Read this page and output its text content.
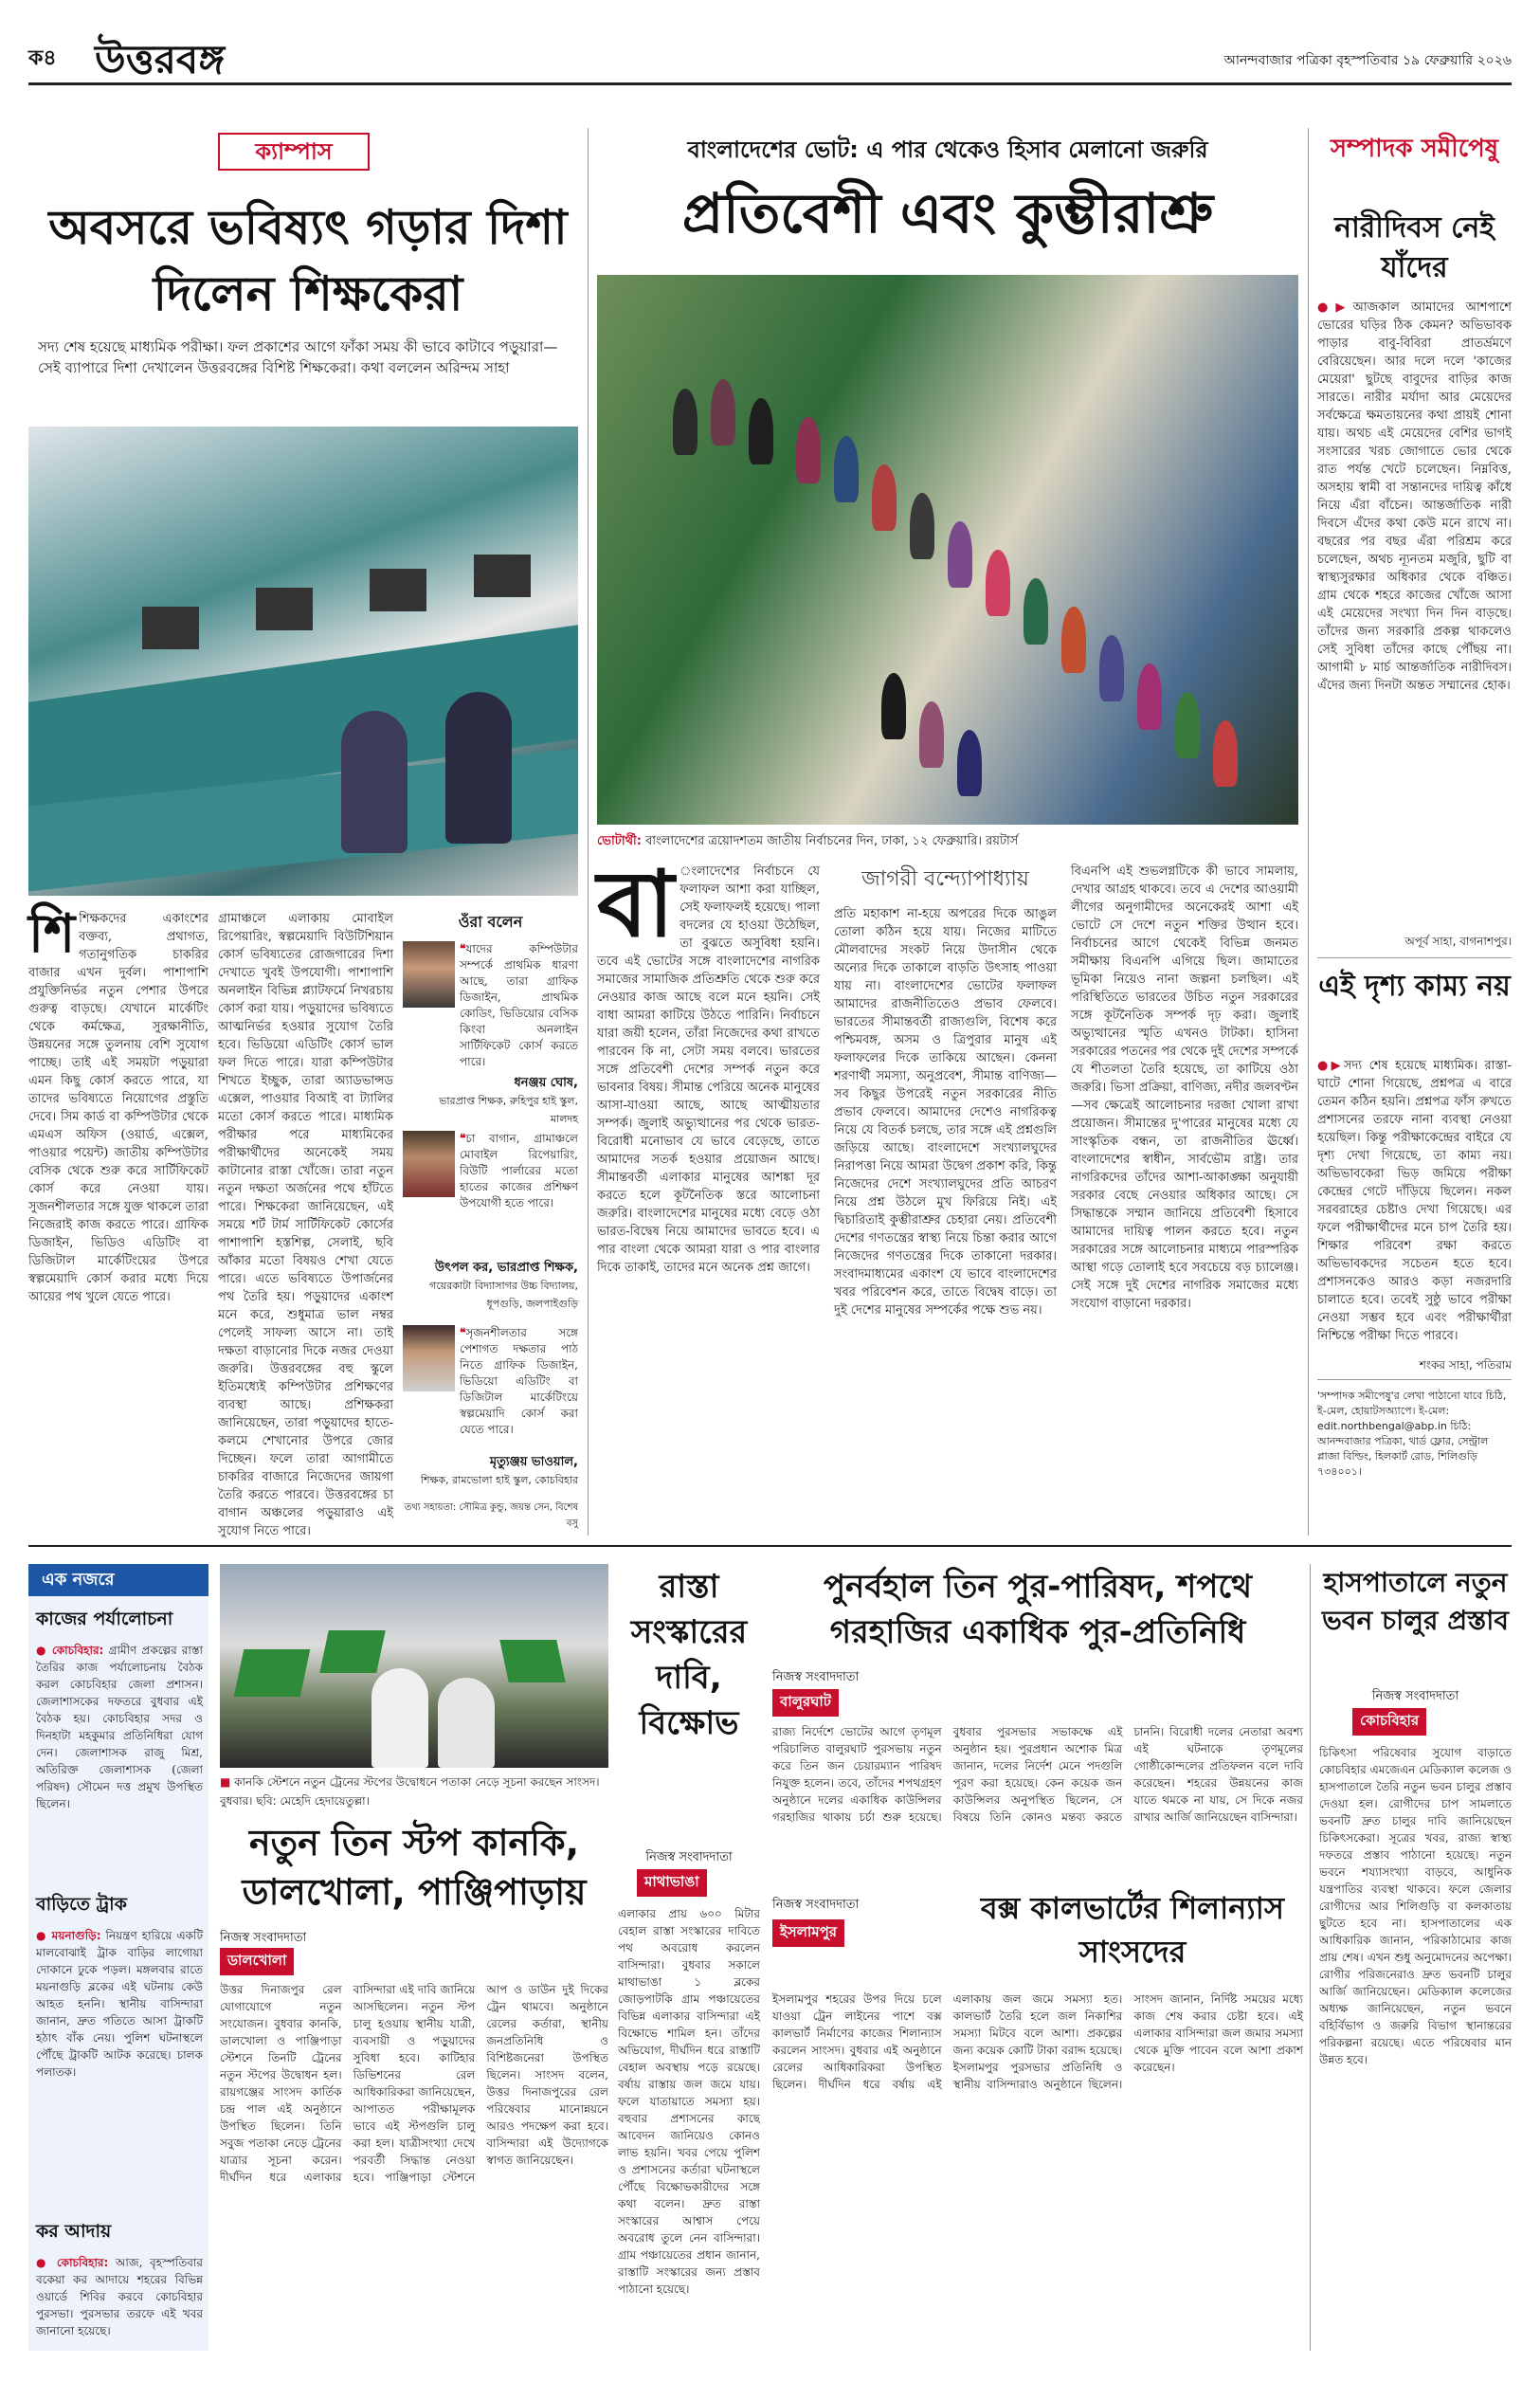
ক৪ উত্তরবঙ্গ	আনন্দবাজার পত্রিকা বৃহস্পতিবার ১৯ ফেব্রুয়ারি ২০২৬
ক্যাম্পাস
অবসরে ভবিষ্যৎ গড়ার দিশা দিলেন শিক্ষকেরা
সদ্য শেষ হয়েছে মাধ্যমিক পরীক্ষা। ফল প্রকাশের আগে ফাঁকা সময় কী ভাবে কাটাবে পড়ুয়ারা— সেই ব্যাপারে দিশা দেখালেন উত্তরবঙ্গের বিশিষ্ট শিক্ষকেরা। কথা বললেন অরিন্দম সাহা
শিশিক্ষকদের একাংশের বক্তব্য, প্রথাগত, গতানুগতিক চাকরির বাজার এখন দুর্বল। পাশাপাশি প্রযুক্তিনির্ভর নতুন পেশার উপরে গুরুত্ব বাড়ছে। যেখানে মার্কেটিং থেকে কর্মক্ষেত্র, সুরক্ষানীতি, উন্নয়নের সঙ্গে তুলনায় বেশি সুযোগ পাচ্ছে। তাই এই সময়টা পড়ুয়ারা এমন কিছু কোর্স করতে পারে, যা তাদের ভবিষ্যতে নিয়োগের প্রস্তুতি দেবে। সিম কার্ড বা কম্পিউটার থেকে এমএস অফিস (ওয়ার্ড, এক্সেল, পাওয়ার পয়েন্ট) জাতীয় কম্পিউটার বেসিক থেকে শুরু করে সার্টিফিকেট কোর্স করে নেওয়া যায়। সুজনশীলতার সঙ্গে যুক্ত থাকলে তারা নিজেরাই কাজ করতে পারে। গ্রাফিক ডিজাইন, ভিডিও এডিটিং বা ডিজিটাল মার্কেটিংয়ের উপরে স্বল্পমেয়াদি কোর্স করার মধ্যে দিয়ে আয়ের পথ খুলে যেতে পারে।
গ্রামাঞ্চলে এলাকায় মোবাইল রিপেয়ারিং, স্বল্পমেয়াদি বিউটিশিয়ান কোর্স ভবিষ্যতের রোজগারের দিশা দেখাতে খুবই উপযোগী। পাশাপাশি অনলাইন বিভিন্ন প্ল্যাটফর্মে নিখরচায় কোর্স করা যায়। পড়ুয়াদের ভবিষ্যতে আত্মনির্ভর হওয়ার সুযোগ তৈরি হবে। ভিডিয়ো এডিটিং কোর্স ভাল ফল দিতে পারে। যারা কম্পিউটার শিখতে ইচ্ছুক, তারা অ্যাডভান্সড এক্সেল, পাওয়ার বিআই বা ট্যালির মতো কোর্স করতে পারে। মাধ্যমিক পরীক্ষার পরে মাধ্যমিকের পরীক্ষার্থীদের অনেকেই সময় কাটানোর রাস্তা খোঁজে। তারা নতুন নতুন দক্ষতা অর্জনের পথে হাঁটতে পারে। শিক্ষকেরা জানিয়েছেন, এই সময়ে শর্ট টার্ম সার্টিফিকেট কোর্সের পাশাপাশি হস্তশিল্প, সেলাই, ছবি আঁকার মতো বিষয়ও শেখা যেতে পারে। এতে ভবিষ্যতে উপার্জনের পথ তৈরি হয়। পড়ুয়াদের একাংশ মনে করে, শুধুমাত্র ভাল নম্বর পেলেই সাফল্য আসে না। তাই দক্ষতা বাড়ানোর দিকে নজর দেওয়া জরুরি। উত্তরবঙ্গের বহু স্কুলে ইতিমধ্যেই কম্পিউটার প্রশিক্ষণের ব্যবস্থা আছে। প্রশিক্ষকরা জানিয়েছেন, তারা পড়ুয়াদের হাতে-কলমে শেখানোর উপরে জোর দিচ্ছেন। ফলে তারা আগামীতে চাকরির বাজারে নিজেদের জায়গা তৈরি করতে পারবে। উত্তরবঙ্গের চা বাগান অঞ্চলের পড়ুয়ারাও এই সুযোগ নিতে পারে।
ওঁরা বলেন
❝যাদের কম্পিউটার সম্পর্কে প্রাথমিক ধারণা আছে, তারা গ্রাফিক ডিজাইন, প্রাথমিক কোডিং, ভিডিয়োর বেসিক কিংবা অনলাইন সার্টিফিকেট কোর্স করতে পারে।
ধনঞ্জয় ঘোষ,
ভারপ্রাপ্ত শিক্ষক, রুহিপুর হাই স্কুল, মালদহ
❝চা বাগান, গ্রামাঞ্চলে মোবাইল রিপেয়ারিং, বিউটি পার্লারের মতো হাতের কাজের প্রশিক্ষণ উপযোগী হতে পারে।
উৎপল কর, ভারপ্রাপ্ত শিক্ষক,
গয়েরকাটা বিদ্যাসাগর উচ্চ বিদ্যালয়, ধূপগুড়ি, জলপাইগুড়ি
❝সৃজনশীলতার সঙ্গে পেশাগত দক্ষতার পাঠ নিতে গ্রাফিক ডিজাইন, ভিডিয়ো এডিটিং বা ডিজিটাল মার্কেটিংয়ে স্বল্পমেয়াদি কোর্স করা যেতে পারে।
মৃত্যুঞ্জয় ভাওয়াল,
শিক্ষক, রামভোলা হাই স্কুল, কোচবিহার
তথ্য সহায়তা: সৌমিত্র কুন্ডু, জয়ন্ত সেন, বিশেষ বসু
বাংলাদেশের ভোট: এ পার থেকেও হিসাব মেলানো জরুরি
প্রতিবেশী এবং কুম্ভীরাশ্রু
ভোটার্থী: বাংলাদেশের ত্রয়োদশতম জাতীয় নির্বাচনের দিন, ঢাকা, ১২ ফেব্রুয়ারি। রয়টার্স
বা ংলাদেশের নির্বাচনে যে ফলাফল আশা করা যাচ্ছিল, সেই ফলাফলই হয়েছে। পালা বদলের যে হাওয়া উঠেছিল, তা বুঝতে অসুবিধা হয়নি। তবে এই ভোটের সঙ্গে বাংলাদেশের নাগরিক সমাজের সামাজিক প্রতিশ্রুতি থেকে শুরু করে নেওয়ার কাজ আছে বলে মনে হয়নি। সেই বাধা আমরা কাটিয়ে উঠতে পারিনি। নির্বাচনে যারা জয়ী হলেন, তাঁরা নিজেদের কথা রাখতে পারবেন কি না, সেটা সময় বলবে। ভারতের সঙ্গে প্রতিবেশী দেশের সম্পর্ক নতুন করে ভাবনার বিষয়। সীমান্ত পেরিয়ে অনেক মানুষের আসা-যাওয়া আছে, আছে আত্মীয়তার সম্পর্ক। জুলাই অভ্যুত্থানের পর থেকে ভারত-বিরোধী মনোভাব যে ভাবে বেড়েছে, তাতে আমাদের সতর্ক হওয়ার প্রয়োজন আছে। সীমান্তবর্তী এলাকার মানুষের আশঙ্কা দূর করতে হলে কূটনৈতিক স্তরে আলোচনা জরুরি। বাংলাদেশের মানুষের মধ্যে বেড়ে ওঠা ভারত-বিদ্বেষ নিয়ে আমাদের ভাবতে হবে। এ পার বাংলা থেকে আমরা যারা ও পার বাংলার দিকে তাকাই, তাদের মনে অনেক প্রশ্ন জাগে।
জাগরী বন্দ্যোপাধ্যায়
প্রতি মহাকাশ না-হয়ে অপরের দিকে আঙুল তোলা কঠিন হয়ে যায়। নিজের মাটিতে মৌলবাদের সংকট নিয়ে উদাসীন থেকে অন্যের দিকে তাকালে বাড়তি উৎসাহ পাওয়া যায় না। বাংলাদেশের ভোটের ফলাফল আমাদের রাজনীতিতেও প্রভাব ফেলবে। ভারতের সীমান্তবর্তী রাজ্যগুলি, বিশেষ করে পশ্চিমবঙ্গ, অসম ও ত্রিপুরার মানুষ এই ফলাফলের দিকে তাকিয়ে আছেন। কেননা শরণার্থী সমস্যা, অনুপ্রবেশ, সীমান্ত বাণিজ্য—সব কিছুর উপরেই নতুন সরকারের নীতি প্রভাব ফেলবে। আমাদের দেশেও নাগরিকত্ব নিয়ে যে বিতর্ক চলছে, তার সঙ্গে এই প্রশ্নগুলি জড়িয়ে আছে। বাংলাদেশে সংখ্যালঘুদের নিরাপত্তা নিয়ে আমরা উদ্বেগ প্রকাশ করি, কিন্তু নিজেদের দেশে সংখ্যালঘুদের প্রতি আচরণ নিয়ে প্রশ্ন উঠলে মুখ ফিরিয়ে নিই। এই দ্বিচারিতাই কুম্ভীরাশ্রুর চেহারা নেয়। প্রতিবেশী দেশের গণতন্ত্রের স্বাস্থ্য নিয়ে চিন্তা করার আগে নিজেদের গণতন্ত্রের দিকে তাকানো দরকার। সংবাদমাধ্যমের একাংশ যে ভাবে বাংলাদেশের খবর পরিবেশন করে, তাতে বিদ্বেষ বাড়ে। তা দুই দেশের মানুষের সম্পর্কের পক্ষে শুভ নয়।
বিএনপি এই শুভলগ্নটিকে কী ভাবে সামলায়, দেখার আগ্রহ থাকবে। তবে এ দেশের আওয়ামী লীগের অনুগামীদের অনেকেরই আশা এই ভোটে সে দেশে নতুন শক্তির উত্থান হবে। নির্বাচনের আগে থেকেই বিভিন্ন জনমত সমীক্ষায় বিএনপি এগিয়ে ছিল। জামাতের ভূমিকা নিয়েও নানা জল্পনা চলছিল। এই পরিস্থিতিতে ভারতের উচিত নতুন সরকারের সঙ্গে কূটনৈতিক সম্পর্ক দৃঢ় করা। জুলাই অভ্যুত্থানের স্মৃতি এখনও টাটকা। হাসিনা সরকারের পতনের পর থেকে দুই দেশের সম্পর্কে যে শীতলতা তৈরি হয়েছে, তা কাটিয়ে ওঠা জরুরি। ভিসা প্রক্রিয়া, বাণিজ্য, নদীর জলবণ্টন—সব ক্ষেত্রেই আলোচনার দরজা খোলা রাখা প্রয়োজন। সীমান্তের দু'পারের মানুষের মধ্যে যে সাংস্কৃতিক বন্ধন, তা রাজনীতির ঊর্ধ্বে। বাংলাদেশের স্বাধীন, সার্বভৌম রাষ্ট্র। তার নাগরিকদের তাঁদের আশা-আকাঙ্ক্ষা অনুযায়ী সরকার বেছে নেওয়ার অধিকার আছে। সে সিদ্ধান্তকে সম্মান জানিয়ে প্রতিবেশী হিসাবে আমাদের দায়িত্ব পালন করতে হবে। নতুন সরকারের সঙ্গে আলোচনার মাধ্যমে পারস্পরিক আস্থা গড়ে তোলাই হবে সবচেয়ে বড় চ্যালেঞ্জ। সেই সঙ্গে দুই দেশের নাগরিক সমাজের মধ্যে সংযোগ বাড়ানো দরকার।
সম্পাদক সমীপেষু
নারীদিবস নেই যাঁদের
●▶আজকাল আমাদের আশপাশে ভোরের ঘড়ির ঠিক কেমন? অভিভাবক পাড়ার বাবু-বিবিরা প্রাতর্ভ্রমণে বেরিয়েছেন। আর দলে দলে 'কাজের মেয়েরা' ছুটছে বাবুদের বাড়ির কাজ সারতে। নারীর মর্যাদা আর মেয়েদের সর্বক্ষেত্রে ক্ষমতায়নের কথা প্রায়ই শোনা যায়। অথচ এই মেয়েদের বেশির ভাগই সংসারের খরচ জোগাতে ভোর থেকে রাত পর্যন্ত খেটে চলেছেন। নিম্নবিত্ত, অসহায় স্বামী বা সন্তানদের দায়িত্ব কাঁধে নিয়ে এঁরা বাঁচেন। আন্তর্জাতিক নারী দিবসে এঁদের কথা কেউ মনে রাখে না। বছরের পর বছর এঁরা পরিশ্রম করে চলেছেন, অথচ ন্যূনতম মজুরি, ছুটি বা স্বাস্থ্যসুরক্ষার অধিকার থেকে বঞ্চিত। গ্রাম থেকে শহরে কাজের খোঁজে আসা এই মেয়েদের সংখ্যা দিন দিন বাড়ছে। তাঁদের জন্য সরকারি প্রকল্প থাকলেও সেই সুবিধা তাঁদের কাছে পৌঁছয় না। আগামী ৮ মার্চ আন্তর্জাতিক নারীদিবস। এঁদের জন্য দিনটা অন্তত সম্মানের হোক।
অপূর্ব সাহা, বাগনাশপুর।
এই দৃশ্য কাম্য নয়
●▶সদ্য শেষ হয়েছে মাধ্যমিক। রাস্তা-ঘাটে শোনা গিয়েছে, প্রশ্নপত্র এ বারে তেমন কঠিন হয়নি। প্রশ্নপত্র ফাঁস রুখতে প্রশাসনের তরফে নানা ব্যবস্থা নেওয়া হয়েছিল। কিন্তু পরীক্ষাকেন্দ্রের বাইরে যে দৃশ্য দেখা গিয়েছে, তা কাম্য নয়। অভিভাবকেরা ভিড় জমিয়ে পরীক্ষা কেন্দ্রের গেটে দাঁড়িয়ে ছিলেন। নকল সরবরাহের চেষ্টাও দেখা গিয়েছে। এর ফলে পরীক্ষার্থীদের মনে চাপ তৈরি হয়। শিক্ষার পরিবেশ রক্ষা করতে অভিভাবকদের সচেতন হতে হবে। প্রশাসনকেও আরও কড়া নজরদারি চালাতে হবে। তবেই সুষ্ঠু ভাবে পরীক্ষা নেওয়া সম্ভব হবে এবং পরীক্ষার্থীরা নিশ্চিন্তে পরীক্ষা দিতে পারবে।
শংকর সাহা, পতিরাম
'সম্পাদক সমীপেষু'র লেখা পাঠানো যাবে চিঠি, ই-মেল, হোয়াটসঅ্যাপে। ই-মেল: edit.northbengal@abp.in চিঠি: আনন্দবাজার পত্রিকা, থার্ড ফ্লোর, সেন্ট্রাল প্লাজা বিল্ডিং, হিলকার্ট রোড, শিলিগুড়ি ৭৩৪০০১।
এক নজরে
কাজের পর্যালোচনা
● কোচবিহার: গ্রামীণ প্রকল্পের রাস্তা তৈরির কাজ পর্যালোচনায় বৈঠক করল কোচবিহার জেলা প্রশাসন। জেলাশাসকের দফতরে বুধবার এই বৈঠক হয়। কোচবিহার সদর ও দিনহাটা মহকুমার প্রতিনিধিরা যোগ দেন। জেলাশাসক রাজু মিশ্র, অতিরিক্ত জেলাশাসক (জেলা পরিষদ) সৌমেন দত্ত প্রমুখ উপস্থিত ছিলেন।
বাড়িতে ট্রাক
● ময়নাগুড়ি: নিয়ন্ত্রণ হারিয়ে একটি মালবোঝাই ট্রাক বাড়ির লাগোয়া দোকানে ঢুকে পড়ল। মঙ্গলবার রাতে ময়নাগুড়ি ব্লকের এই ঘটনায় কেউ আহত হননি। স্থানীয় বাসিন্দারা জানান, দ্রুত গতিতে আসা ট্রাকটি হঠাৎ বাঁক নেয়। পুলিশ ঘটনাস্থলে পৌঁছে ট্রাকটি আটক করেছে। চালক পলাতক।
কর আদায়
● কোচবিহার: আজ, বৃহস্পতিবার বকেয়া কর আদায়ে শহরের বিভিন্ন ওয়ার্ডে শিবির করবে কোচবিহার পুরসভা। পুরসভার তরফে এই খবর জানানো হয়েছে।
■ কানকি স্টেশনে নতুন ট্রেনের স্টপের উদ্বোধনে পতাকা নেড়ে সূচনা করছেন সাংসদ। বুধবার। ছবি: মেহেদি হেদায়েতুল্লা।
নতুন তিন স্টপ কানকি, ডালখোলা, পাঞ্জিপাড়ায়
নিজস্ব সংবাদদাতা
ডালখোলা
উত্তর দিনাজপুর রেল যোগাযোগে নতুন সংযোজন। বুধবার কানকি, ডালখোলা ও পাঞ্জিপাড়া স্টেশনে তিনটি ট্রেনের নতুন স্টপের উদ্বোধন হল। রায়গঞ্জের সাংসদ কার্তিক চন্দ্র পাল এই অনুষ্ঠানে উপস্থিত ছিলেন। তিনি সবুজ পতাকা নেড়ে ট্রেনের যাত্রার সূচনা করেন। দীর্ঘদিন ধরে এলাকার বাসিন্দারা এই দাবি জানিয়ে আসছিলেন। নতুন স্টপ চালু হওয়ায় স্থানীয় যাত্রী, ব্যবসায়ী ও পড়ুয়াদের সুবিধা হবে। কাটিহার ডিভিশনের রেল আধিকারিকরা জানিয়েছেন, আপাতত পরীক্ষামূলক ভাবে এই স্টপগুলি চালু করা হল। যাত্রীসংখ্যা দেখে পরবর্তী সিদ্ধান্ত নেওয়া হবে। পাঞ্জিপাড়া স্টেশনে আপ ও ডাউন দুই দিকের ট্রেন থামবে। অনুষ্ঠানে রেলের কর্তারা, স্থানীয় জনপ্রতিনিধি ও বিশিষ্টজনেরা উপস্থিত ছিলেন। সাংসদ বলেন, উত্তর দিনাজপুরের রেল পরিষেবার মানোন্নয়নে আরও পদক্ষেপ করা হবে। বাসিন্দারা এই উদ্যোগকে স্বাগত জানিয়েছেন।
রাস্তা সংস্কারের দাবি, বিক্ষোভ
নিজস্ব সংবাদদাতা
মাথাভাঙা
এলাকার প্রায় ৬০০ মিটার বেহাল রাস্তা সংস্কারের দাবিতে পথ অবরোধ করলেন বাসিন্দারা। বুধবার সকালে মাথাভাঙা ১ ব্লকের জোড়পাটকি গ্রাম পঞ্চায়েতের বিভিন্ন এলাকার বাসিন্দারা এই বিক্ষোভে শামিল হন। তাঁদের অভিযোগ, দীর্ঘদিন ধরে রাস্তাটি বেহাল অবস্থায় পড়ে রয়েছে। বর্ষায় রাস্তায় জল জমে যায়। ফলে যাতায়াতে সমস্যা হয়। বহুবার প্রশাসনের কাছে আবেদন জানিয়েও কোনও লাভ হয়নি। খবর পেয়ে পুলিশ ও প্রশাসনের কর্তারা ঘটনাস্থলে পৌঁছে বিক্ষোভকারীদের সঙ্গে কথা বলেন। দ্রুত রাস্তা সংস্কারের আশ্বাস পেয়ে অবরোধ তুলে নেন বাসিন্দারা। গ্রাম পঞ্চায়েতের প্রধান জানান, রাস্তাটি সংস্কারের জন্য প্রস্তাব পাঠানো হয়েছে।
পুনর্বহাল তিন পুর-পারিষদ, শপথে গরহাজির একাধিক পুর-প্রতিনিধি
নিজস্ব সংবাদদাতা
বালুরঘাট
রাজ্য নির্দেশে ভোটের আগে তৃণমূল পরিচালিত বালুরঘাট পুরসভায় নতুন করে তিন জন চেয়ারম্যান পারিষদ নিযুক্ত হলেন। তবে, তাঁদের শপথগ্রহণ অনুষ্ঠানে দলের একাধিক কাউন্সিলর গরহাজির থাকায় চর্চা শুরু হয়েছে। বুধবার পুরসভার সভাকক্ষে এই অনুষ্ঠান হয়। পুরপ্রধান অশোক মিত্র জানান, দলের নির্দেশ মেনে পদগুলি পূরণ করা হয়েছে। কেন কয়েক জন কাউন্সিলর অনুপস্থিত ছিলেন, সে বিষয়ে তিনি কোনও মন্তব্য করতে চাননি। বিরোধী দলের নেতারা অবশ্য এই ঘটনাকে তৃণমূলের গোষ্ঠীকোন্দলের প্রতিফলন বলে দাবি করেছেন। শহরের উন্নয়নের কাজ যাতে থমকে না যায়, সে দিকে নজর রাখার আর্জি জানিয়েছেন বাসিন্দারা।
নিজস্ব সংবাদদাতা
ইসলামপুর
বক্স কালভার্টের শিলান্যাস সাংসদের
ইসলামপুর শহরের উপর দিয়ে চলে যাওয়া ট্রেন লাইনের পাশে বক্স কালভার্ট নির্মাণের কাজের শিলান্যাস করলেন সাংসদ। বুধবার এই অনুষ্ঠানে রেলের আধিকারিকরা উপস্থিত ছিলেন। দীর্ঘদিন ধরে বর্ষায় এই এলাকায় জল জমে সমস্যা হত। কালভার্ট তৈরি হলে জল নিকাশির সমস্যা মিটবে বলে আশা। প্রকল্পের জন্য কয়েক কোটি টাকা বরাদ্দ হয়েছে। ইসলামপুর পুরসভার প্রতিনিধি ও স্থানীয় বাসিন্দারাও অনুষ্ঠানে ছিলেন। সাংসদ জানান, নির্দিষ্ট সময়ের মধ্যে কাজ শেষ করার চেষ্টা হবে। এই এলাকার বাসিন্দারা জল জমার সমস্যা থেকে মুক্তি পাবেন বলে আশা প্রকাশ করেছেন।
হাসপাতালে নতুন ভবন চালুর প্রস্তাব
নিজস্ব সংবাদদাতা
কোচবিহার
চিকিৎসা পরিষেবার সুযোগ বাড়াতে কোচবিহার এমজেএন মেডিক্যাল কলেজ ও হাসপাতালে তৈরি নতুন ভবন চালুর প্রস্তাব দেওয়া হল। রোগীদের চাপ সামলাতে ভবনটি দ্রুত চালুর দাবি জানিয়েছেন চিকিৎসকেরা। সূত্রের খবর, রাজ্য স্বাস্থ্য দফতরে প্রস্তাব পাঠানো হয়েছে। নতুন ভবনে শয্যাসংখ্যা বাড়বে, আধুনিক যন্ত্রপাতির ব্যবস্থা থাকবে। ফলে জেলার রোগীদের আর শিলিগুড়ি বা কলকাতায় ছুটতে হবে না। হাসপাতালের এক আধিকারিক জানান, পরিকাঠামোর কাজ প্রায় শেষ। এখন শুধু অনুমোদনের অপেক্ষা। রোগীর পরিজনেরাও দ্রুত ভবনটি চালুর আর্জি জানিয়েছেন। মেডিক্যাল কলেজের অধ্যক্ষ জানিয়েছেন, নতুন ভবনে বহির্বিভাগ ও জরুরি বিভাগ স্থানান্তরের পরিকল্পনা রয়েছে। এতে পরিষেবার মান উন্নত হবে।
